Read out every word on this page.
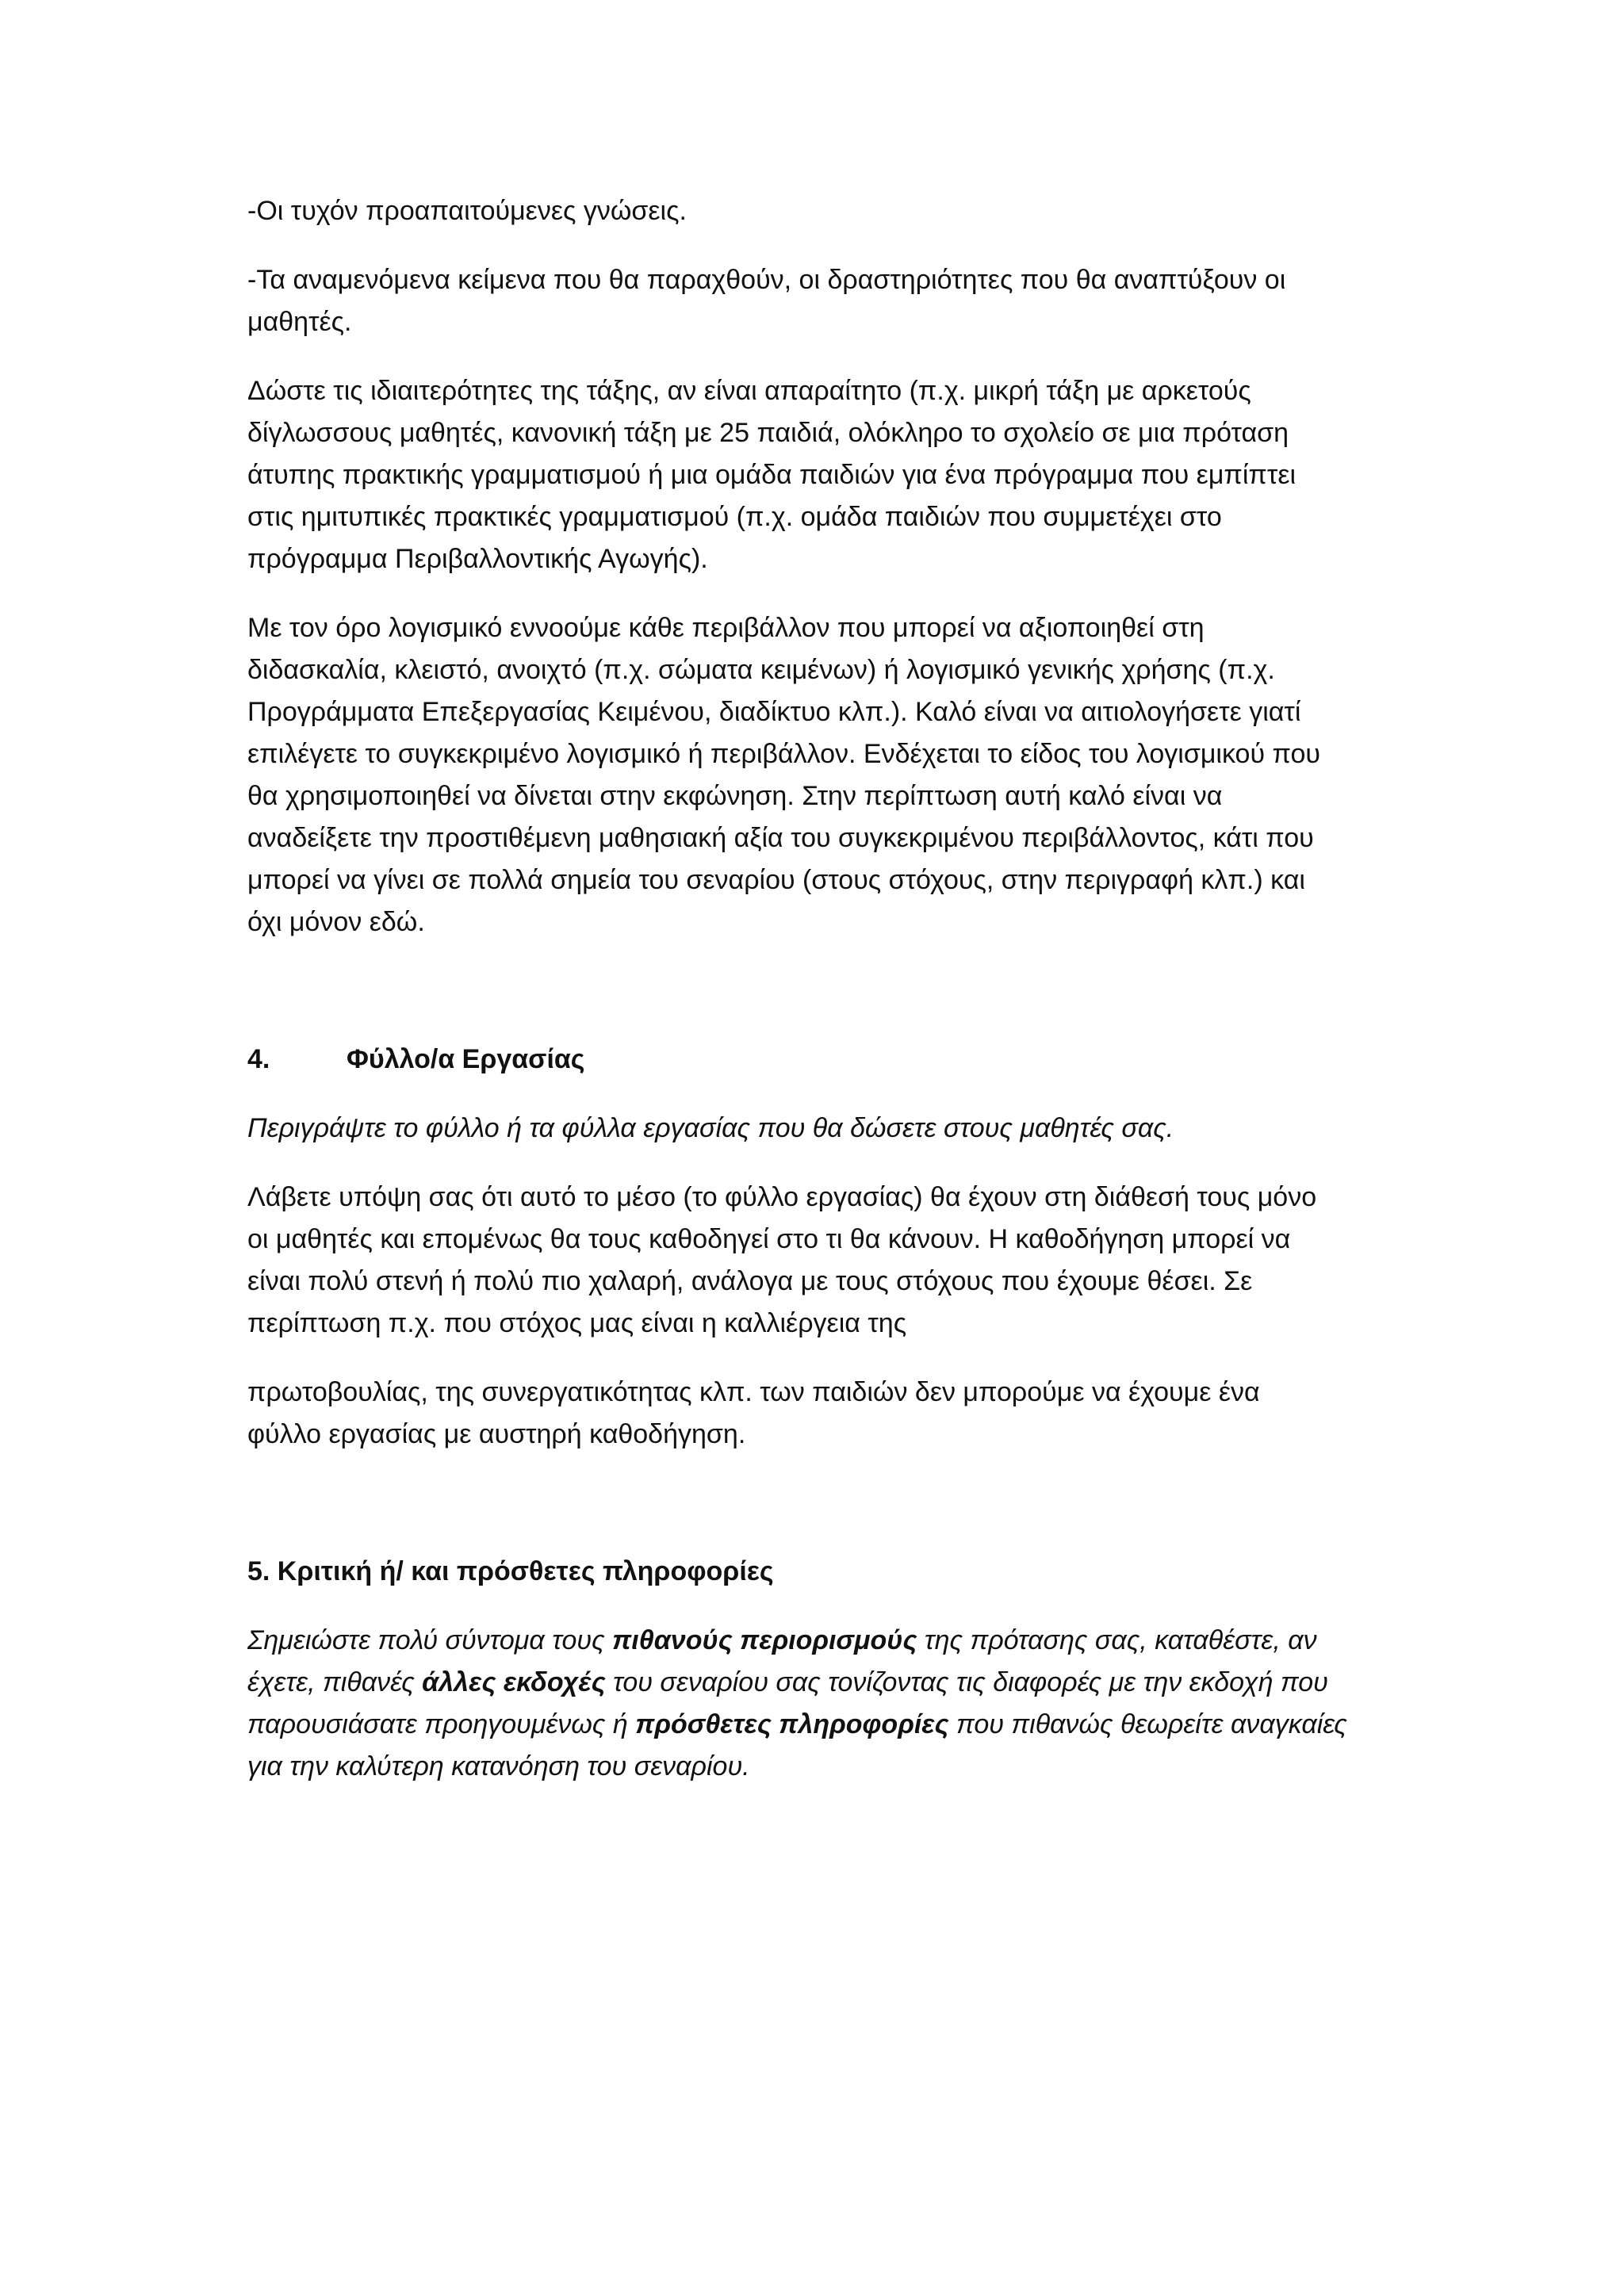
-Οι τυχόν προαπαιτούμενες γνώσεις.

-Τα αναμενόμενα κείμενα που θα παραχθούν, οι δραστηριότητες που θα αναπτύξουν οι
μαθητές.

Δώστε τις ιδιαιτερότητες της τάξης, αν είναι απαραίτητο (π.χ. μικρή τάξη με αρκετούς
δίγλωσσους μαθητές, κανονική τάξη με 25 παιδιά, ολόκληρο το σχολείο σε μια πρόταση
άτυπης πρακτικής γραμματισμού ή μια ομάδα παιδιών για ένα πρόγραμμα που εμπίπτει
στις ημιτυπικές πρακτικές γραμματισμού (π.χ. ομάδα παιδιών που συμμετέχει στο
πρόγραμμα Περιβαλλοντικής Αγωγής).

Με τον όρο λογισμικό εννοούμε κάθε περιβάλλον που μπορεί να αξιοποιηθεί στη
διδασκαλία, κλειστό, ανοιχτό (π.χ. σώματα κειμένων) ή λογισμικό γενικής χρήσης (π.χ.
Προγράμματα Επεξεργασίας Κειμένου, διαδίκτυο κλπ.). Καλό είναι να αιτιολογήσετε γιατί
επιλέγετε το συγκεκριμένο λογισμικό ή περιβάλλον. Ενδέχεται το είδος του λογισμικού που
θα χρησιμοποιηθεί να δίνεται στην εκφώνηση. Στην περίπτωση αυτή καλό είναι να
αναδείξετε την προστιθέμενη μαθησιακή αξία του συγκεκριμένου περιβάλλοντος, κάτι που
μπορεί να γίνει σε πολλά σημεία του σεναρίου (στους στόχους, στην περιγραφή κλπ.) και
όχι μόνον εδώ.

4.	Φύλλο/α Εργασίας

Περιγράψτε το φύλλο ή τα φύλλα εργασίας που θα δώσετε στους μαθητές σας.

Λάβετε υπόψη σας ότι αυτό το μέσο (το φύλλο εργασίας) θα έχουν στη διάθεσή τους μόνο
οι μαθητές και επομένως θα τους καθοδηγεί στο τι θα κάνουν. Η καθοδήγηση μπορεί να
είναι πολύ στενή ή πολύ πιο χαλαρή, ανάλογα με τους στόχους που έχουμε θέσει. Σε
περίπτωση π.χ. που στόχος μας είναι η καλλιέργεια της

πρωτοβουλίας, της συνεργατικότητας κλπ. των παιδιών δεν μπορούμε να έχουμε ένα
φύλλο εργασίας με αυστηρή καθοδήγηση.

5. Κριτική ή/ και πρόσθετες πληροφορίες

Σημειώστε πολύ σύντομα τους πιθανούς περιορισμούς της πρότασης σας, καταθέστε, αν
έχετε, πιθανές άλλες εκδοχές του σεναρίου σας τονίζοντας τις διαφορές με την εκδοχή που
παρουσιάσατε προηγουμένως ή πρόσθετες πληροφορίες που πιθανώς θεωρείτε αναγκαίες
για την καλύτερη κατανόηση του σεναρίου.
